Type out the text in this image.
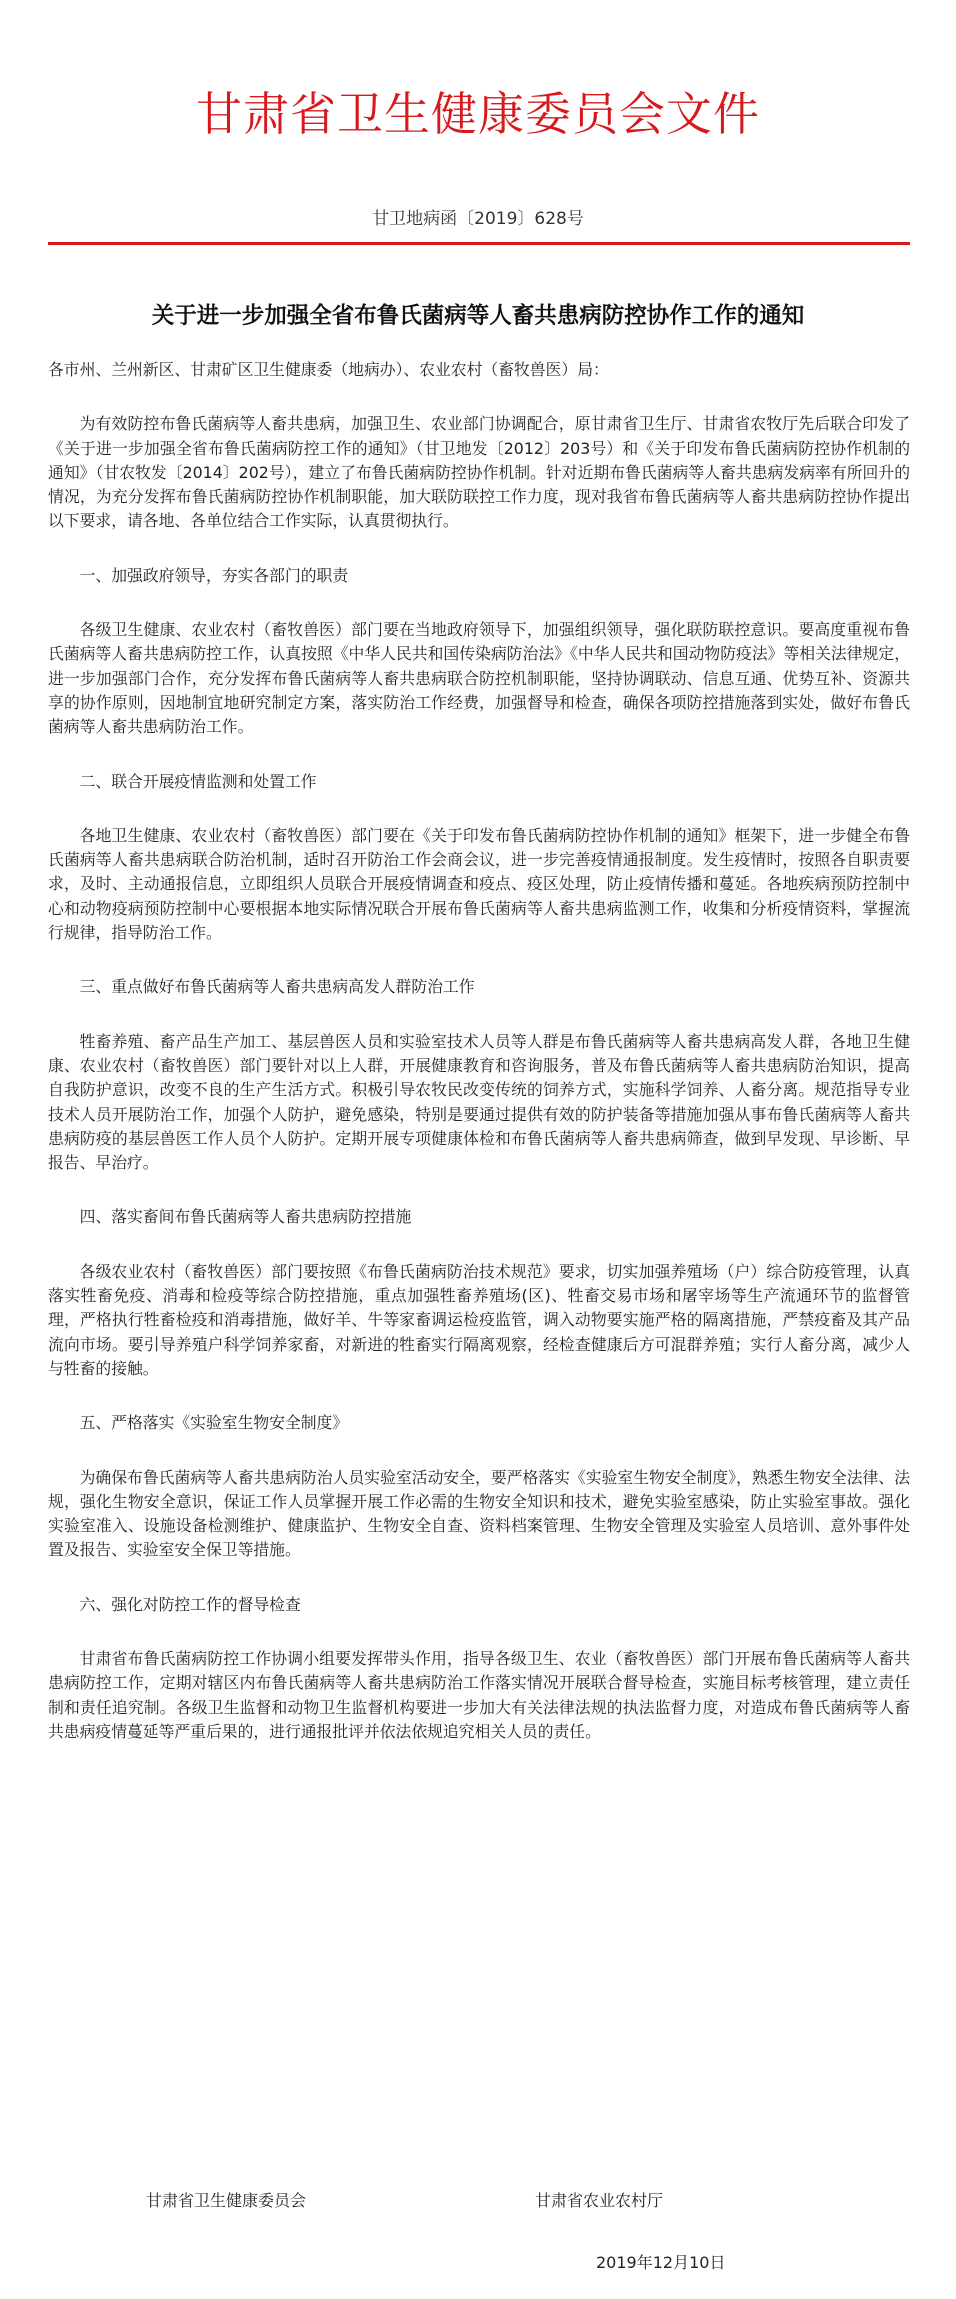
甘肃省卫生健康委员会文件
甘卫地病函〔2019〕628号
关于进一步加强全省布鲁氏菌病等人畜共患病防控协作工作的通知

各市州、兰州新区、甘肃矿区卫生健康委（地病办）、农业农村（畜牧兽医）局：

为有效防控布鲁氏菌病等人畜共患病，加强卫生、农业部门协调配合，原甘肃省卫生厅、甘肃省农牧厅先后联合印发了《关于进一步加强全省布鲁氏菌病防控工作的通知》（甘卫地发〔2012〕203号）和《关于印发布鲁氏菌病防控协作机制的通知》（甘农牧发〔2014〕202号），建立了布鲁氏菌病防控协作机制。针对近期布鲁氏菌病等人畜共患病发病率有所回升的情况，为充分发挥布鲁氏菌病防控协作机制职能，加大联防联控工作力度，现对我省布鲁氏菌病等人畜共患病防控协作提出以下要求，请各地、各单位结合工作实际，认真贯彻执行。

一、加强政府领导，夯实各部门的职责

各级卫生健康、农业农村（畜牧兽医）部门要在当地政府领导下，加强组织领导，强化联防联控意识。要高度重视布鲁氏菌病等人畜共患病防控工作，认真按照《中华人民共和国传染病防治法》《中华人民共和国动物防疫法》等相关法律规定，进一步加强部门合作，充分发挥布鲁氏菌病等人畜共患病联合防控机制职能，坚持协调联动、信息互通、优势互补、资源共享的协作原则，因地制宜地研究制定方案，落实防治工作经费，加强督导和检查，确保各项防控措施落到实处，做好布鲁氏菌病等人畜共患病防治工作。

二、联合开展疫情监测和处置工作

各地卫生健康、农业农村（畜牧兽医）部门要在《关于印发布鲁氏菌病防控协作机制的通知》框架下，进一步健全布鲁氏菌病等人畜共患病联合防治机制，适时召开防治工作会商会议，进一步完善疫情通报制度。发生疫情时，按照各自职责要求，及时、主动通报信息，立即组织人员联合开展疫情调查和疫点、疫区处理，防止疫情传播和蔓延。各地疾病预防控制中心和动物疫病预防控制中心要根据本地实际情况联合开展布鲁氏菌病等人畜共患病监测工作，收集和分析疫情资料，掌握流行规律，指导防治工作。

三、重点做好布鲁氏菌病等人畜共患病高发人群防治工作

牲畜养殖、畜产品生产加工、基层兽医人员和实验室技术人员等人群是布鲁氏菌病等人畜共患病高发人群，各地卫生健康、农业农村（畜牧兽医）部门要针对以上人群，开展健康教育和咨询服务，普及布鲁氏菌病等人畜共患病防治知识，提高自我防护意识，改变不良的生产生活方式。积极引导农牧民改变传统的饲养方式，实施科学饲养、人畜分离。规范指导专业技术人员开展防治工作，加强个人防护，避免感染，特别是要通过提供有效的防护装备等措施加强从事布鲁氏菌病等人畜共患病防疫的基层兽医工作人员个人防护。定期开展专项健康体检和布鲁氏菌病等人畜共患病筛查，做到早发现、早诊断、早报告、早治疗。

四、落实畜间布鲁氏菌病等人畜共患病防控措施

各级农业农村（畜牧兽医）部门要按照《布鲁氏菌病防治技术规范》要求，切实加强养殖场（户）综合防疫管理，认真落实牲畜免疫、消毒和检疫等综合防控措施，重点加强牲畜养殖场(区)、牲畜交易市场和屠宰场等生产流通环节的监督管理，严格执行牲畜检疫和消毒措施，做好羊、牛等家畜调运检疫监管，调入动物要实施严格的隔离措施，严禁疫畜及其产品流向市场。要引导养殖户科学饲养家畜，对新进的牲畜实行隔离观察，经检查健康后方可混群养殖；实行人畜分离，减少人与牲畜的接触。

五、严格落实《实验室生物安全制度》

为确保布鲁氏菌病等人畜共患病防治人员实验室活动安全，要严格落实《实验室生物安全制度》，熟悉生物安全法律、法规，强化生物安全意识，保证工作人员掌握开展工作必需的生物安全知识和技术，避免实验室感染，防止实验室事故。强化实验室准入、设施设备检测维护、健康监护、生物安全自查、资料档案管理、生物安全管理及实验室人员培训、意外事件处置及报告、实验室安全保卫等措施。

六、强化对防控工作的督导检查

甘肃省布鲁氏菌病防控工作协调小组要发挥带头作用，指导各级卫生、农业（畜牧兽医）部门开展布鲁氏菌病等人畜共患病防控工作，定期对辖区内布鲁氏菌病等人畜共患病防治工作落实情况开展联合督导检查，实施目标考核管理，建立责任制和责任追究制。各级卫生监督和动物卫生监督机构要进一步加大有关法律法规的执法监督力度，对造成布鲁氏菌病等人畜共患病疫情蔓延等严重后果的，进行通报批评并依法依规追究相关人员的责任。

甘肃省卫生健康委员会	甘肃省农业农村厅
2019年12月10日
